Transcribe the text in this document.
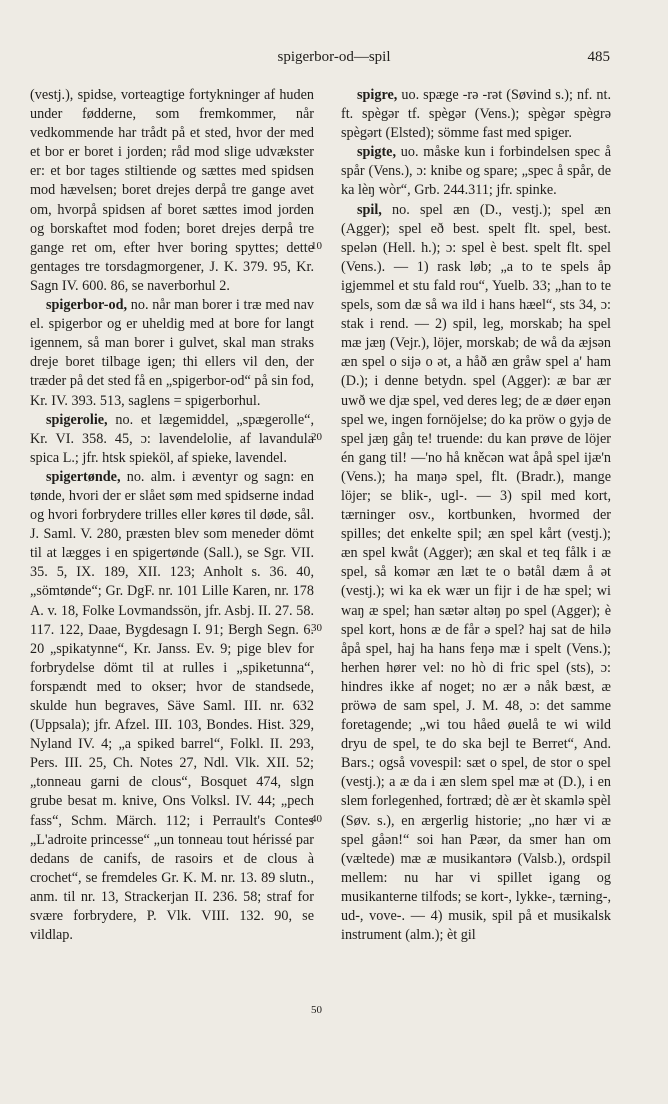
spigerbor-od—spil	485

(vestj.), spidse, vorteagtige fortykninger af huden under fødderne, som fremkommer, når vedkommende har trådt på et sted, hvor der med et bor er boret i jorden; råd mod slige udvækster er: et bor tages stiltiende og sættes med spidsen mod hævelsen; boret drejes derpå tre gange avet om, hvorpå spidsen af boret sættes imod jorden og borskaftet mod foden; boret drejes derpå tre gange ret om, efter hver boring spyttes; dette gentages tre torsdagmorgener, J. K. 379. 95, Kr. Sagn IV. 600. 86, se naverborhul 2.

spigerbor-od, no. når man borer i træ med nav el. spigerbor og er uheldig med at bore for langt igennem, så man borer i gulvet, skal man straks dreje boret tilbage igen; thi ellers vil den, der træder på det sted få en „spigerbor-od“ på sin fod, Kr. IV. 393. 513, saglens = spigerborhul.

spigerolie, no. et lægemiddel, „spægerolle“, Kr. VI. 358. 45, ɔ: lavendelolie, af lavandula spica L.; jfr. htsk spieköl, af spieke, lavendel.

spigertønde, no. alm. i æventyr og sagn: en tønde, hvori der er slået søm med spidserne indad og hvori forbrydere trilles eller køres til døde, sål. J. Saml. V. 280, præsten blev som meneder dömt til at lægges i en spigertønde (Sall.), se Sgr. VII. 35. 5, IX. 189, XII. 123; Anholt s. 36. 40, „sömtønde“; Gr. DgF. nr. 101 Lille Karen, nr. 178 A. v. 18, Folke Lovmandssön, jfr. Asbj. II. 27. 58. 117. 122, Daae, Bygdesagn I. 91; Bergh Segn. 6. 20 „spikatynne“, Kr. Janss. Ev. 9; pige blev for forbrydelse dömt til at rulles i „spiketunna“, forspændt med to okser; hvor de standsede, skulde hun begraves, Säve Saml. III. nr. 632 (Uppsala); jfr. Afzel. III. 103, Bondes. Hist. 329, Nyland IV. 4; „a spiked barrel“, Folkl. II. 293, Pers. III. 25, Ch. Notes 27, Ndl. Vlk. XII. 52; „tonneau garni de clous“, Bosquet 474, slgn grube besat m. knive, Ons Volksl. IV. 44; „pech fass“, Schm. Märch. 112; i Perrault's Contes „L'adroite princesse“ „un tonneau tout hérissé par dedans de canifs, de rasoirs et de clous à crochet“, se fremdeles Gr. K. M. nr. 13. 89 slutn., anm. til nr. 13, Strackerjan II. 236. 58; straf for svære forbrydere, P. Vlk. VIII. 132. 90, se vildlap.

10
20
30
40
50

spigre, uo. spæge -rə -rət (Søvind s.); nf. nt. ft. spègər tf. spègər (Vens.); spègər spègrə spègərt (Elsted); sömme fast med spiger.

spigte, uo. måske kun i forbindelsen spec å spår (Vens.), ɔ: knibe og spare; „spec å spår, de ka lèŋ wòr“, Grb. 244.311; jfr. spinke.

spil, no. spel æn (D., vestj.); spel æn (Agger); spel eð best. spelt flt. spel, best. spelən (Hell. h.); ɔ: spel è best. spelt flt. spel (Vens.). — 1) rask løb; „a to te spels åp igjemmel et stu fald rou“, Yuelb. 33; „han to te spels, som dæ så wa ild i hans hæel“, sts 34, ɔ: stak i rend. — 2) spil, leg, morskab; ha spel mæ jæŋ (Vejr.), löjer, morskab; de wå da æjsən æn spel o sijə o ət, a håð æn gråw spel a' ham (D.); i denne betydn. spel (Agger): æ bar ær uwð we djæ spel, ved deres leg; de æ døer eŋən spel we, ingen fornöjelse; do ka pröw o gyjə de spel jæŋ gåŋ te! truende: du kan prøve de löjer én gang til! —'no hå kněcən wat åpå spel ijæ'n (Vens.); ha maŋə spel, flt. (Bradr.), mange löjer; se blik-, ugl-. — 3) spil med kort, tærninger osv., kortbunken, hvormed der spilles; det enkelte spil; æn spel kårt (vestj.); æn spel kwåt (Agger); æn skal et teq fålk i æ spel, så komər æn læt te o bətål dæm å ət (vestj.); wi ka ek wær un fijr i de hæ spel; wi waŋ æ spel; han sætər altəŋ po spel (Agger); è spel kort, hons æ de får ə spel? haj sat de hilə åpå spel, haj ha hans feŋə mæ i spelt (Vens.); herhen hører vel: no hò di fric spel (sts), ɔ: hindres ikke af noget; no ær ə nåk bæst, æ pröwə de sam spel, J. M. 48, ɔ: det samme foretagende; „wi tou håed øuelå te wi wild dryu de spel, te do ska bejl te Berret“, And. Bars.; også vovespil: sæt o spel, de stor o spel (vestj.); a æ da i æn slem spel mæ ət (D.), i en slem forlegenhed, fortræd; dè ær èt skamlə spèl (Søv. s.), en ærgerlig historie; „no hær vi æ spel gåən!“ soi han Pæər, da smer han om (væltede) mæ æ musikantərə (Valsb.), ordspil mellem: nu har vi spillet igang og musikanterne tilfods; se kort-, lykke-, tærning-, ud-, vove-. — 4) musik, spil på et musikalsk instrument (alm.); èt gil
